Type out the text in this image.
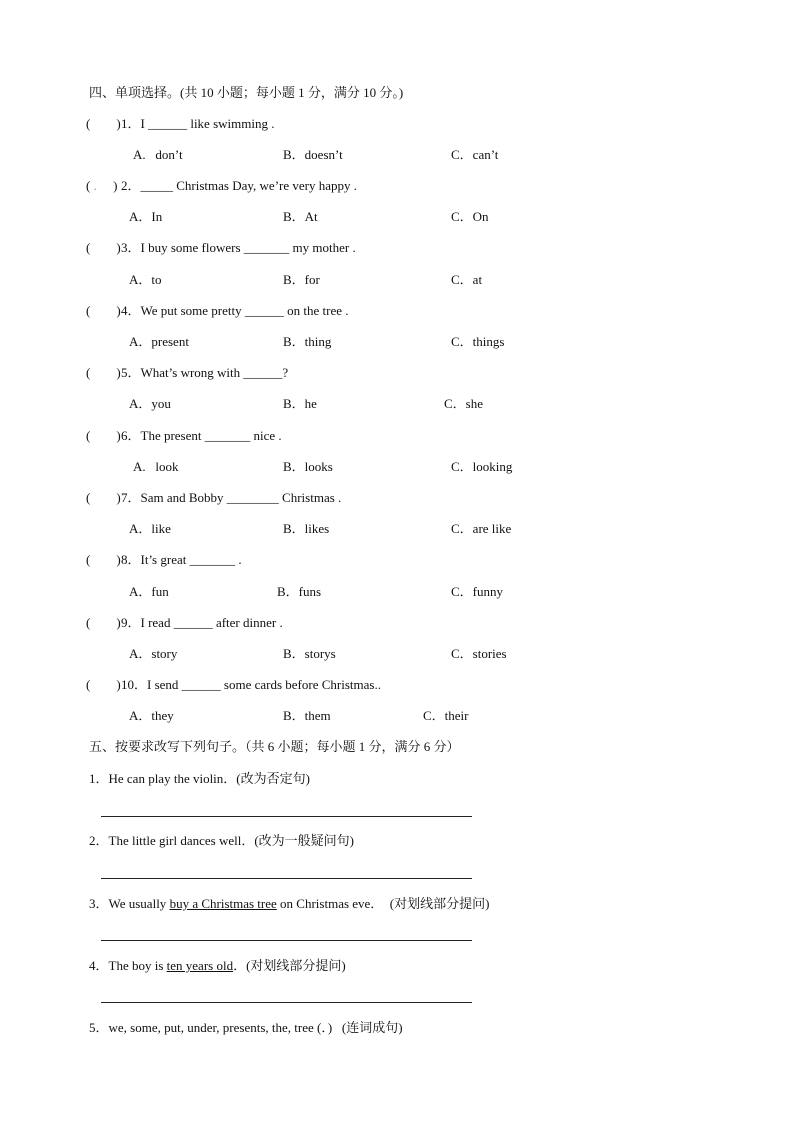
四、单项选择。(共 10 小题；每小题 1 分，满分 10 分。)
(        ) 1．I ______ like swimming .
A.   don’t	B．doesn’t	C．can’t
( .     ) 2．_____ Christmas Day, we’re very happy .
A．In	B．At	C．On
(        ) 3．I buy some flowers _______ my mother .
A．to	B．for	C．at
(        ) 4．We put some pretty ______ on the tree .
A．present	B．thing	C．things
(        ) 5．What’s wrong with ______?
A．you	B．he	C．she
(        ) 6．The present _______ nice .
A.   look	B．looks	C．looking
(        ) 7．Sam and Bobby ________ Christmas .
A．like	B．likes	C．are like
(        ) 8．It’s great _______ .
A．fun	B．funs	C．funny
(        ) 9．I read ______ after dinner .
A．story	B．storys	C．stories
(        ) 10．I send ______ some cards before Christmas..
A．they	B．them	C．their
五、按要求改写下列句子。（共 6 小题；每小题 1 分，满分 6 分）
1．He can play the violin．(改为否定句)
2．The little girl dances well．(改为一般疑问句)
3．We usually buy a Christmas tree on Christmas eve．  (对划线部分提问)
4．The boy is ten years old．(对划线部分提问)
5．we, some, put, under, presents, the, tree (．)   (连词成句)
